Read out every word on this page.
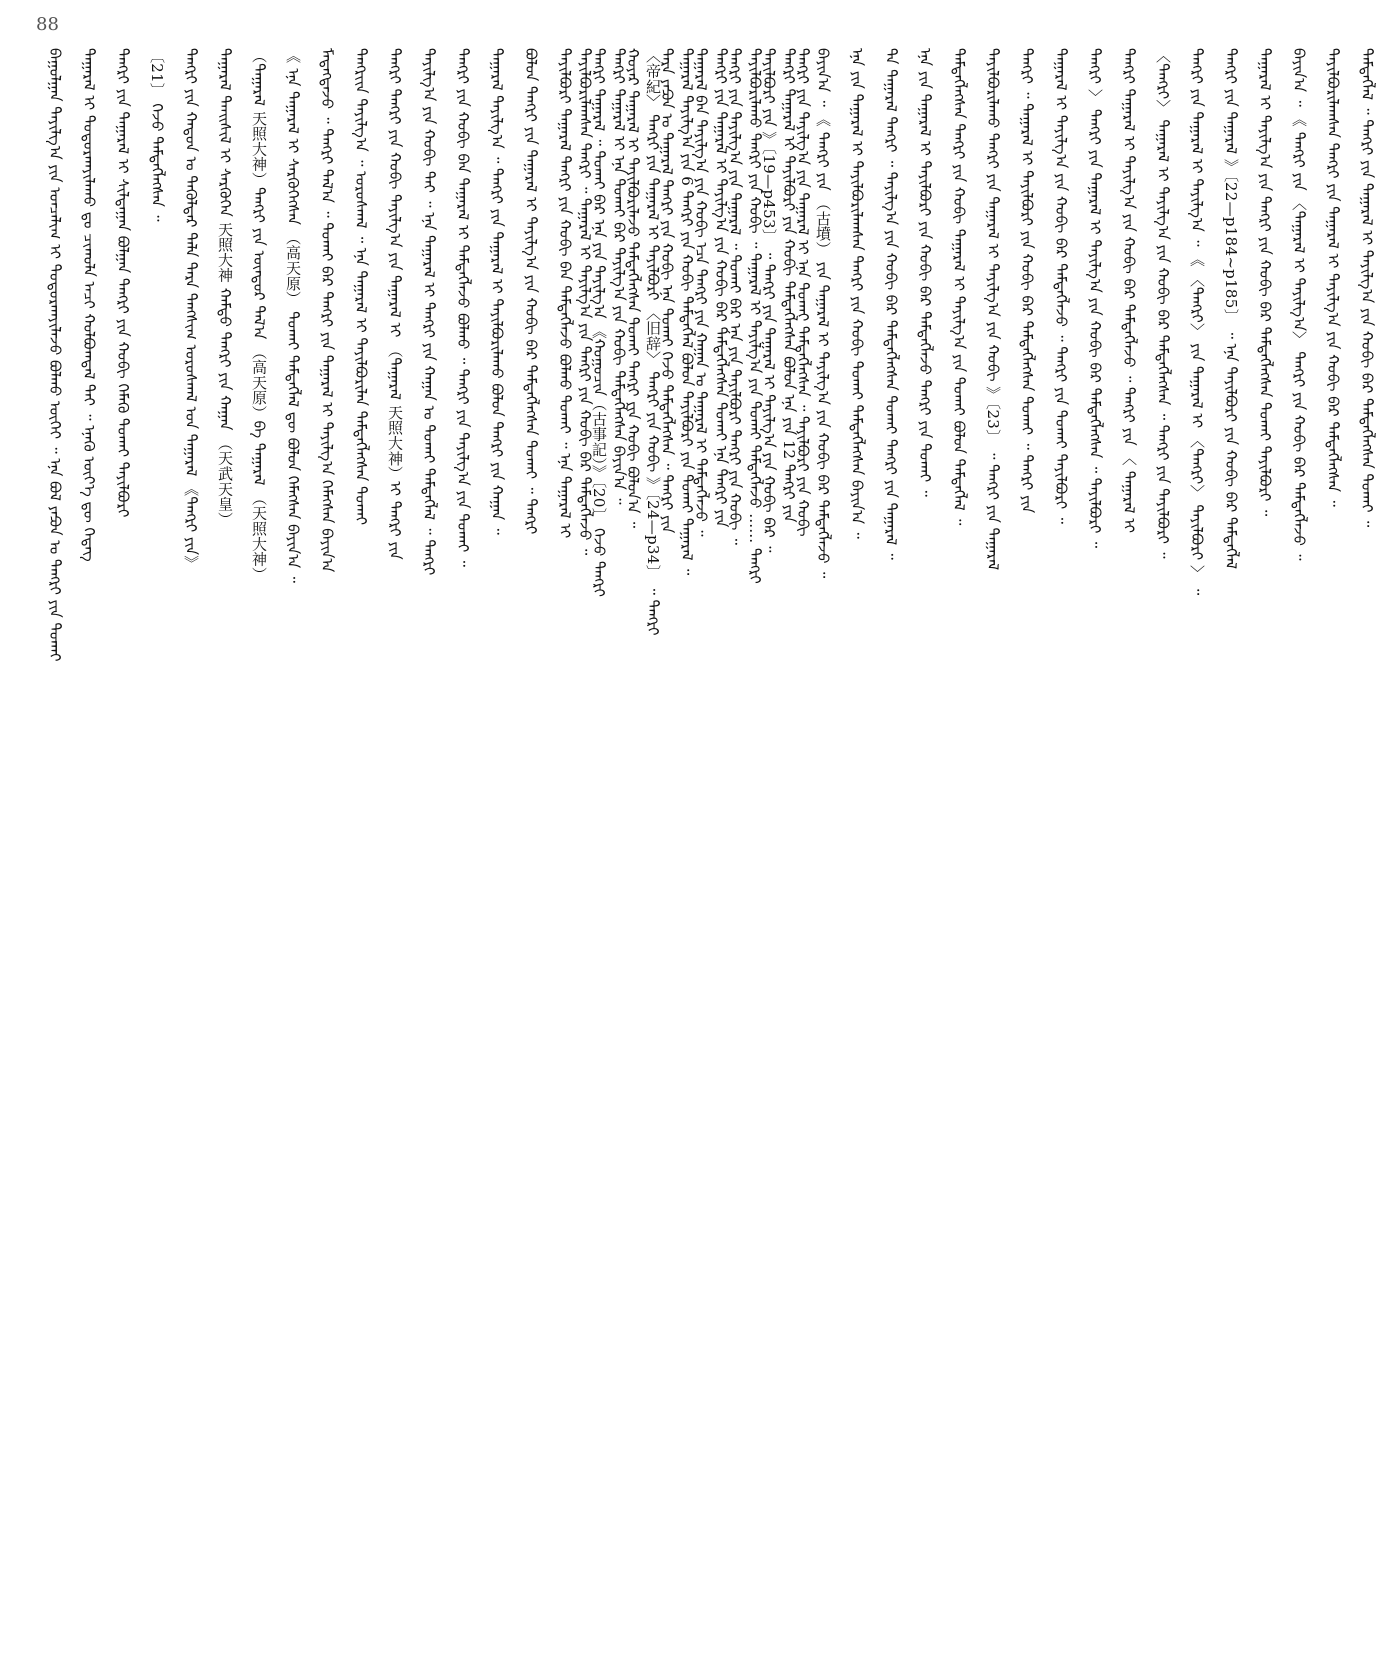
88
ᠪᠠᠭᠤᠯᠭᠠᠨ ᠲᠠᠶᠢᠯᠭ᠎ᠠ ᠶᠢᠨ ᠣᠨᠴᠠᠯᠢᠭ ᠢ ᠲᠣᠳᠣᠷᠬᠠᠶᠢᠯᠠᠵᠤ ᠪᠣᠯᠬᠤ ᠦᠭᠡᠢ ᠃ ᠡᠨᠡ ᠪᠣᠯ ᠶᠠᠫᠣᠨ ᠤ ᠲᠡᠩᠷᠢ ᠶᠢᠨ ᠲᠤᠬᠠᠢ	ᠲᠠᠭᠠᠷᠠᠯ ᠢ ᠲᠣᠳᠣᠷᠬᠠᠶᠢᠯᠠᠬᠤ ᠳᠤ ᠴᠢᠬᠤᠯᠠ ᠠᠴᠢ ᠬᠣᠯᠪᠣᠭᠳᠠᠯ ᠲᠠᠢ ᠃ ᠡᠨᠡᠬᠦ ᠦᠶ᠎ᠡ ᠳᠦ ᠭᠡᠳᠡᠭ	ᠲᠡᠩᠷᠢ ᠶᠢᠨ ᠲᠠᠭᠠᠷᠠᠯ ᠢ ᠰᠢᠯᠲᠠᠭᠠᠨ ᠪᠣᠯᠭᠠᠨ ᠲᠡᠩᠷᠢ ᠶᠢᠨ ᠬᠤᠪᠢ ᠬᠡᠮᠡᠬᠦ ᠲᠤᠬᠠᠢ ᠲᠠᠶᠢᠯᠪᠤᠷᠢ	〔21〕 ᠭᠡᠵᠦ ᠲᠡᠮᠳᠡᠭᠯᠡᠭᠰᠡᠨ ᠃	ᠲᠡᠩᠷᠢ ᠶᠢᠨ ᠬᠠᠲᠤᠨ ᠤ ᠲᠡᠭᠦᠯᠳᠡᠷ ᠲᠠᠯᠠ ᠲᠡᠷᠡ ᠲᠠᠩᠰᠢᠭ ᠤᠷᠤᠰᠬᠠᠯ ᠤᠨ ᠲᠠᠭᠠᠷᠠᠯ 《ᠲᠡᠩᠷᠢ ᠶᠢᠨ》	ᠲᠠᠭᠠᠷᠠᠯ ᠲᠠ᠋ᠢᠰᠢᠯ ᠢ ᠰᠡᠷᠭᠦᠭᠡᠨ 天照大神 ᠬᠠᠮᠲᠤ ᠲᠡᠩᠷᠢ ᠶᠢᠨ ᠬᠠᠭᠠᠨ （天武天皇）	（ᠲᠠᠭᠠᠷᠠᠯ 天照大神）ᠲᠡᠩᠷᠢ ᠶᠢᠨ ᠥᠨᠳᠥᠷ ᠲᠠᠯ᠎ᠠ （高天原）ᠪᠠ ᠲᠠᠭᠠᠷᠠᠯ （天照大神）	《 ᠡᠨᠡ ᠲᠠᠭᠠᠷᠠᠯ ᠢ ᠰᠡᠷᠭᠦᠭᠡᠭᠰᠡᠨ （高天原） ᠲᠣᠬᠠᠢ ᠲᠡᠮᠳᠡᠭᠯᠡᠯ ᠳᠦ ᠪᠣᠯᠤᠨ ᠬᠡᠮᠡᠭᠰᠡᠨ ᠪᠠᠶᠢᠨ᠎ᠠ ᠃	ᠮᠡᠳᠡᠭᠳᠡᠵᠦ ᠃ ᠲᠡᠩᠷᠢ ᠲᠠᠯ᠎ᠠ ᠃ ᠲᠤᠬᠠᠢ ᠪᠠᠷ ᠲᠡᠩᠷᠢ ᠶᠢᠨ ᠲᠠᠭᠠᠷᠠᠯ ᠢ ᠲᠠᠶᠢᠯᠭ᠎ᠠ ᠬᠡᠮᠡᠭᠰᠡᠨ ᠪᠠᠶᠢᠨ᠎ᠠ	ᠲᠡᠩᠷᠢᠢᠨ ᠲᠠᠶᠢᠯᠭ᠎ᠠ ᠃ ᠤᠷᠤᠰᠬᠠᠯ ᠃ ᠡᠨᠡ ᠲᠠᠭᠠᠷᠠᠯ ᠢ ᠲᠠᠶᠢᠯᠪᠤᠷᠢᠯᠠᠨ ᠲᠡᠮᠳᠡᠭᠯᠡᠭᠰᠡᠨ ᠲᠣᠬᠠᠢ	ᠲᠡᠩᠷᠢ ᠲᠡᠩᠷᠢ ᠶᠢᠨ ᠬᠤᠪᠢ ᠲᠠᠶᠢᠯᠭ᠎ᠠ ᠶᠢᠨ ᠲᠠᠭᠠᠷᠠᠯ ᠢ （ᠲᠠᠭᠠᠷᠠᠯ 天照大神）ᠢ ᠲᠡᠩᠷᠢ ᠶᠢᠨ	ᠲᠠᠶᠢᠯᠭ᠎ᠠ ᠶᠢᠨ ᠬᠤᠪᠢ ᠲᠠᠢ ᠃ ᠡᠨᠡ ᠲᠠᠭᠠᠷᠠᠯ ᠢ ᠲᠡᠩᠷᠢ ᠶᠢᠨ ᠬᠠᠭᠠᠨ ᠤ ᠲᠤᠬᠠᠢ ᠲᠡᠮᠳᠡᠭᠯᠡᠯ ᠃ ᠲᠡᠩᠷᠢ	ᠲᠡᠩᠷᠢ ᠶᠢᠨ ᠬᠤᠪᠢ ᠪᠡᠨ ᠲᠠᠭᠠᠷᠠᠯ ᠢ ᠲᠡᠮᠳᠡᠭᠯᠡᠵᠦ ᠪᠣᠯᠬᠤ ᠃ ᠲᠡᠩᠷᠢ ᠶᠢᠨ ᠲᠠᠶᠢᠯᠭ᠎ᠠ ᠶᠢᠨ ᠲᠣᠬᠠᠢ ᠃	ᠲᠠᠭᠠᠷᠠᠯ ᠲᠠᠶᠢᠯᠭ᠎ᠠ ᠃ ᠲᠡᠩᠷᠢ ᠶᠢᠨ ᠲᠠᠭᠠᠷᠠᠯ ᠢ ᠲᠠᠶᠢᠯᠪᠤᠷᠢᠯᠠᠬᠤ ᠪᠣᠯᠤᠨ ᠲᠡᠩᠷᠢ ᠶᠢᠨ ᠬᠠᠭᠠᠨ ᠃	ᠪᠣᠯᠤᠨ ᠲᠡᠩᠷᠢ ᠶᠢᠨ ᠲᠠᠭᠠᠷᠠᠯ ᠢ ᠲᠠᠶᠢᠯᠭ᠎ᠠ ᠶᠢᠨ ᠬᠤᠪᠢ ᠪᠠᠷ ᠲᠡᠮᠳᠡᠭᠯᠡᠭᠰᠡᠨ ᠲᠤᠬᠠᠢ ᠃ ᠲᠡᠩᠷᠢ	ᠲᠠᠶᠢᠯᠪᠤᠷᠢ ᠲᠠᠭᠠᠷᠠᠯ ᠲᠡᠩᠷᠢ ᠶᠢᠨ ᠬᠤᠪᠢ ᠪᠡᠨ ᠲᠡᠮᠳᠡᠭᠯᠡᠵᠦ ᠪᠣᠯᠬᠤ ᠲᠤᠬᠠᠢ ᠃ ᠡᠨᠡ ᠲᠠᠭᠠᠷᠠᠯ ᠢ	ᠲᠡᠩᠷᠢ ᠲᠠᠭᠠᠷᠠᠯ ᠃ ᠲᠤᠬᠠᠢ ᠪᠠᠷ ᠡᠨᠡ ᠶᠢᠨ ᠲᠠᠶᠢᠯᠭ᠎ᠠ 《ᠬᠤᠭᠤᠴᠢᠨ（古事記）》〔20〕 ᠭᠡᠵᠦ ᠲᠡᠩᠷᠢ	ᠬᠣᠶᠠᠷ ᠲᠠᠭᠠᠷᠠᠯ ᠢ ᠲᠠᠶᠢᠯᠪᠤᠷᠢᠯᠠᠵᠤ ᠲᠡᠮᠳᠡᠭᠯᠡᠭᠰᠡᠨ ᠲᠤᠬᠠᠢ ᠲᠡᠩᠷᠢ ᠶᠢᠨ ᠬᠤᠪᠢ ᠪᠣᠯᠤᠨ᠎ᠠ ᠃	ᠲᠡᠷᠡ ᠶᠠᠫᠣᠨ ᠤ ᠲᠠᠭᠠᠷᠠᠯ ᠲᠡᠩᠷᠢ ᠶᠢᠨ ᠬᠤᠪᠢ ᠡᠨᠡ ᠲᠣᠬᠠᠢ ᠭᠡᠵᠦ ᠲᠡᠮᠳᠡᠭᠯᠡᠭᠰᠡᠨ ᠃ ᠲᠡᠩᠷᠢ ᠶᠢᠨ	ᠲᠠᠭᠠᠷᠠᠯ ᠪᠡᠨ ᠲᠠᠶᠢᠯᠭ᠎ᠠ ᠶᠢᠨ ᠬᠤᠪᠢ ᠡᠴᠡ ᠲᠡᠩᠷᠢ ᠶᠢᠨ ᠬᠠᠭᠠᠨ ᠤ ᠲᠠᠭᠠᠷᠠᠯ ᠢ ᠲᠡᠮᠳᠡᠭᠯᠡᠵᠦ ᠃	ᠲᠡᠩᠷᠢ ᠶᠢᠨ ᠲᠠᠶᠢᠯᠭ᠎ᠠ ᠶᠢᠨ ᠲᠠᠭᠠᠷᠠᠯ ᠃ ᠲᠤᠬᠠᠢ ᠪᠠᠷ ᠡᠨᠡ ᠶᠢᠨ ᠲᠠᠶᠢᠯᠪᠤᠷᠢ ᠲᠡᠩᠷᠢ ᠶᠢᠨ ᠬᠤᠪᠢ ᠃	ᠲᠠᠶᠢᠯᠪᠤᠷᠢ ᠶᠢᠨ 》〔19—p453〕 ᠃ ᠲᠡᠩᠷᠢ ᠶᠢᠨ ᠲᠠᠭᠠᠷᠠᠯ ᠢ ᠲᠠᠶᠢᠯᠭ᠎ᠠ ᠶᠢᠨ ᠬᠤᠪᠢ ᠪᠠᠷ ᠃	ᠲᠡᠩᠷᠢ ᠶᠢᠨ ᠲᠠᠶᠢᠯᠭ᠎ᠠ ᠶᠢᠨ ᠲᠠᠭᠠᠷᠠᠯ ᠢ ᠡᠨᠡ ᠲᠣᠬᠠᠢ ᠲᠡᠮᠳᠡᠭᠯᠡᠭᠰᠡᠨ ᠃ ᠲᠠᠶᠢᠯᠪᠤᠷᠢ ᠶᠢᠨ ᠬᠤᠪᠢ
ᠲᠠᠶᠢᠯᠪᠤᠷᠢᠯᠠᠭᠰᠠᠨ ᠲᠡᠩᠷᠢ ᠃ ᠲᠠᠭᠠᠷᠠᠯ ᠢ ᠲᠠᠶᠢᠯᠭ᠎ᠠ ᠶᠢᠨ ᠲᠡᠩᠷᠢ ᠶᠢᠨ ᠬᠤᠪᠢ ᠪᠠᠷ ᠲᠡᠮᠳᠡᠭᠯᠡᠵᠦ ᠃	ᠲᠡᠩᠷᠢ ᠲᠠᠭᠠᠷᠠᠯ ᠢ ᠡᠨᠡ ᠲᠣᠬᠠᠢ ᠪᠠᠷ ᠲᠠᠶᠢᠯᠭ᠎ᠠ ᠶᠢᠨ ᠬᠤᠪᠢ ᠲᠡᠮᠳᠡᠭᠯᠡᠭᠰᠡᠨ ᠪᠠᠶᠢᠨ᠎ᠠ ᠃	〈帝紀〉 ᠲᠡᠩᠷᠢ ᠶᠢᠨ ᠲᠠᠭᠠᠷᠠᠯ ᠢ ᠲᠠᠶᠢᠯᠪᠤᠷᠢ 〈旧辞〉 ᠲᠡᠩᠷᠢ ᠶᠢᠨ ᠬᠤᠪᠢ 》〔24—p34〕 ᠃ ᠲᠡᠩᠷᠢ	ᠲᠠᠭᠠᠷᠠᠯ ᠲᠠᠶᠢᠯᠭ᠎ᠠ ᠶᠢᠨ 6 ᠲᠡᠩᠷᠢ ᠶᠢᠨ ᠬᠤᠪᠢ ᠲᠡᠮᠳᠡᠭᠯᠡᠯ ᠪᠣᠯᠤᠨ ᠲᠠᠶᠢᠯᠪᠤᠷᠢ ᠶᠢᠨ ᠲᠣᠬᠠᠢ ᠲᠠᠭᠠᠷᠠᠯ ᠃	ᠲᠡᠩᠷᠢ ᠶᠢᠨ ᠲᠠᠭᠠᠷᠠᠯ ᠢ ᠲᠠᠶᠢᠯᠭ᠎ᠠ ᠶᠢᠨ ᠬᠤᠪᠢ ᠪᠠᠷ ᠲᠡᠮᠳᠡᠭᠯᠡᠭᠰᠡᠨ ᠲᠤᠬᠠᠢ ᠡᠨᠡ ᠲᠡᠩᠷᠢ ᠶᠢᠨ	ᠲᠠᠶᠢᠯᠪᠤᠷᠢᠯᠠᠬᠤ ᠲᠡᠩᠷᠢ ᠶᠢᠨ ᠬᠤᠪᠢ ᠃ ᠲᠠᠭᠠᠷᠠᠯ ᠢ ᠲᠠᠶᠢᠯᠭ᠎ᠠ ᠶᠢᠨ ᠲᠣᠬᠠᠢ ᠲᠡᠮᠳᠡᠭᠯᠡᠵᠦ …… ᠲᠡᠩᠷᠢ	ᠲᠡᠩᠷᠢ ᠲᠠᠭᠠᠷᠠᠯ ᠢ ᠲᠠᠶᠢᠯᠪᠤᠷᠢ ᠶᠢᠨ ᠬᠤᠪᠢ ᠲᠡᠮᠳᠡᠭᠯᠡᠭᠰᠡᠨ ᠪᠣᠯᠤᠨ ᠡᠨᠡ ᠶᠢᠨ 12 ᠲᠡᠩᠷᠢ ᠶᠢᠨ	ᠪᠠᠶᠢᠨ᠎ᠠ ᠃ 《 ᠲᠡᠩᠷᠢ ᠶᠢᠨ （古墳） ᠶᠢᠨ ᠲᠠᠭᠠᠷᠠᠯ ᠢ ᠲᠠᠶᠢᠯᠭ᠎ᠠ ᠶᠢᠨ ᠬᠤᠪᠢ ᠪᠠᠷ ᠲᠡᠮᠳᠡᠭᠯᠡᠵᠦ ᠃	ᠡᠨᠡ ᠶᠢᠨ ᠲᠠᠭᠠᠷᠠᠯ ᠢ ᠲᠠᠶᠢᠯᠪᠤᠷᠢᠯᠠᠭᠰᠠᠨ ᠲᠡᠩᠷᠢ ᠶᠢᠨ ᠬᠤᠪᠢ ᠲᠣᠬᠠᠢ ᠲᠡᠮᠳᠡᠭᠯᠡᠭᠰᠡᠨ ᠪᠠᠶᠢᠨ᠎ᠠ ᠃	ᠲᠡ ᠲᠠᠭᠠᠷᠠᠯ ᠲᠡᠩᠷᠢ ᠃ ᠲᠠᠶᠢᠯᠭ᠎ᠠ ᠶᠢᠨ ᠬᠤᠪᠢ ᠪᠠᠷ ᠲᠡᠮᠳᠡᠭᠯᠡᠭᠰᠡᠨ ᠲᠤᠬᠠᠢ ᠲᠡᠩᠷᠢ ᠶᠢᠨ ᠲᠠᠭᠠᠷᠠᠯ ᠃	ᠡᠨᠡ ᠶᠢᠨ ᠲᠠᠭᠠᠷᠠᠯ ᠢ ᠲᠠᠶᠢᠯᠪᠤᠷᠢ ᠶᠢᠨ ᠬᠤᠪᠢ ᠪᠠᠷ ᠲᠡᠮᠳᠡᠭᠯᠡᠵᠦ ᠲᠡᠩᠷᠢ ᠶᠢᠨ ᠲᠣᠬᠠᠢ ᠃	ᠲᠡᠮᠳᠡᠭᠯᠡᠭᠰᠡᠨ ᠲᠡᠩᠷᠢ ᠶᠢᠨ ᠬᠤᠪᠢ ᠲᠠᠭᠠᠷᠠᠯ ᠢ ᠲᠠᠶᠢᠯᠭ᠎ᠠ ᠶᠢᠨ ᠲᠣᠬᠠᠢ ᠪᠣᠯᠤᠨ ᠲᠡᠮᠳᠡᠭᠯᠡᠯ ᠃	ᠲᠠᠶᠢᠯᠪᠤᠷᠢᠯᠠᠬᠤ ᠲᠡᠩᠷᠢ ᠶᠢᠨ ᠲᠠᠭᠠᠷᠠᠯ ᠢ ᠲᠠᠶᠢᠯᠭ᠎ᠠ ᠶᠢᠨ ᠬᠤᠪᠢ 》〔23〕 ᠃ ᠲᠡᠩᠷᠢ ᠶᠢᠨ ᠲᠠᠭᠠᠷᠠᠯ	ᠲᠡᠩᠷᠢ ᠃ ᠲᠠᠭᠠᠷᠠᠯ ᠢ ᠲᠠᠶᠢᠯᠪᠤᠷᠢ ᠶᠢᠨ ᠬᠤᠪᠢ ᠪᠠᠷ ᠲᠡᠮᠳᠡᠭᠯᠡᠭᠰᠡᠨ ᠲᠣᠬᠠᠢ ᠃ ᠲᠡᠩᠷᠢ ᠶᠢᠨ	ᠲᠠᠭᠠᠷᠠᠯ ᠢ ᠲᠠᠶᠢᠯᠭ᠎ᠠ ᠶᠢᠨ ᠬᠤᠪᠢ ᠪᠠᠷ ᠲᠡᠮᠳᠡᠭᠯᠡᠵᠦ ᠃ ᠲᠡᠩᠷᠢ ᠶᠢᠨ ᠲᠣᠬᠠᠢ ᠲᠠᠶᠢᠯᠪᠤᠷᠢ ᠃	ᠲᠡᠩᠷᠢ 〉 ᠲᠡᠩᠷᠢ ᠶᠢᠨ ᠲᠠᠭᠠᠷᠠᠯ ᠢ ᠲᠠᠶᠢᠯᠭ᠎ᠠ ᠶᠢᠨ ᠬᠤᠪᠢ ᠪᠠᠷ ᠲᠡᠮᠳᠡᠭᠯᠡᠭᠰᠡᠨ ᠃ ᠲᠠᠶᠢᠯᠪᠤᠷᠢ ᠃	ᠲᠡᠩᠷᠢ ᠲᠠᠭᠠᠷᠠᠯ ᠢ ᠲᠠᠶᠢᠯᠭ᠎ᠠ ᠶᠢᠨ ᠬᠤᠪᠢ ᠪᠠᠷ ᠲᠡᠮᠳᠡᠭᠯᠡᠵᠦ ᠃ ᠲᠡᠩᠷᠢ ᠶᠢᠨ 〈 ᠲᠠᠭᠠᠷᠠᠯ ᠢ	〈ᠲᠡᠩᠷᠢ〉 ᠲᠠᠭᠠᠷᠠᠯ ᠢ ᠲᠠᠶᠢᠯᠭ᠎ᠠ ᠶᠢᠨ ᠬᠤᠪᠢ ᠪᠠᠷ ᠲᠡᠮᠳᠡᠭᠯᠡᠭᠰᠡᠨ ᠃ ᠲᠡᠩᠷᠢ ᠶᠢᠨ ᠲᠠᠶᠢᠯᠪᠤᠷᠢ ᠃	ᠲᠡᠩᠷᠢ ᠶᠢᠨ ᠲᠠᠭᠠᠷᠠᠯ ᠢ ᠲᠠᠶᠢᠯᠭ᠎ᠠ ᠃ 《 〈ᠲᠡᠩᠷᠢ〉 ᠶᠢᠨ ᠲᠠᠭᠠᠷᠠᠯ ᠢ 〈ᠲᠡᠩᠷᠢ〉 ᠲᠠᠶᠢᠯᠪᠤᠷᠢ 〉 ᠃	ᠲᠡᠩᠷᠢ ᠶᠢᠨ ᠲᠠᠭᠠᠷᠠᠯ 》〔22—p184~p185〕 ᠃ ᠡᠨᠡ ᠲᠠᠶᠢᠯᠪᠤᠷᠢ ᠶᠢᠨ ᠬᠤᠪᠢ ᠪᠠᠷ ᠲᠡᠮᠳᠡᠭᠯᠡᠯ	ᠲᠠᠭᠠᠷᠠᠯ ᠢ ᠲᠠᠶᠢᠯᠭ᠎ᠠ ᠶᠢᠨ ᠲᠡᠩᠷᠢ ᠶᠢᠨ ᠬᠤᠪᠢ ᠪᠠᠷ ᠲᠡᠮᠳᠡᠭᠯᠡᠭᠰᠡᠨ ᠲᠣᠬᠠᠢ ᠲᠠᠶᠢᠯᠪᠤᠷᠢ ᠃	ᠪᠠᠶᠢᠨ᠎ᠠ ᠃ 《 ᠲᠡᠩᠷᠢ ᠶᠢᠨ 〈ᠲᠠᠭᠠᠷᠠᠯ ᠢ ᠲᠠᠶᠢᠯᠭ᠎ᠠ〉 ᠲᠡᠩᠷᠢ ᠶᠢᠨ ᠬᠤᠪᠢ ᠪᠠᠷ ᠲᠡᠮᠳᠡᠭᠯᠡᠵᠦ ᠃	ᠲᠠᠶᠢᠯᠪᠤᠷᠢᠯᠠᠭᠰᠠᠨ ᠲᠡᠩᠷᠢ ᠶᠢᠨ ᠲᠠᠭᠠᠷᠠᠯ ᠢ ᠲᠠᠶᠢᠯᠭ᠎ᠠ ᠶᠢᠨ ᠬᠤᠪᠢ ᠪᠠᠷ ᠲᠡᠮᠳᠡᠭᠯᠡᠭᠰᠡᠨ ᠃	ᠲᠡᠮᠳᠡᠭᠯᠡᠯ ᠃ ᠲᠡᠩᠷᠢ ᠶᠢᠨ ᠲᠠᠭᠠᠷᠠᠯ ᠢ ᠲᠠᠶᠢᠯᠭ᠎ᠠ ᠶᠢᠨ ᠬᠤᠪᠢ ᠪᠠᠷ ᠲᠡᠮᠳᠡᠭᠯᠡᠭᠰᠡᠨ ᠲᠣᠬᠠᠢ ᠃
